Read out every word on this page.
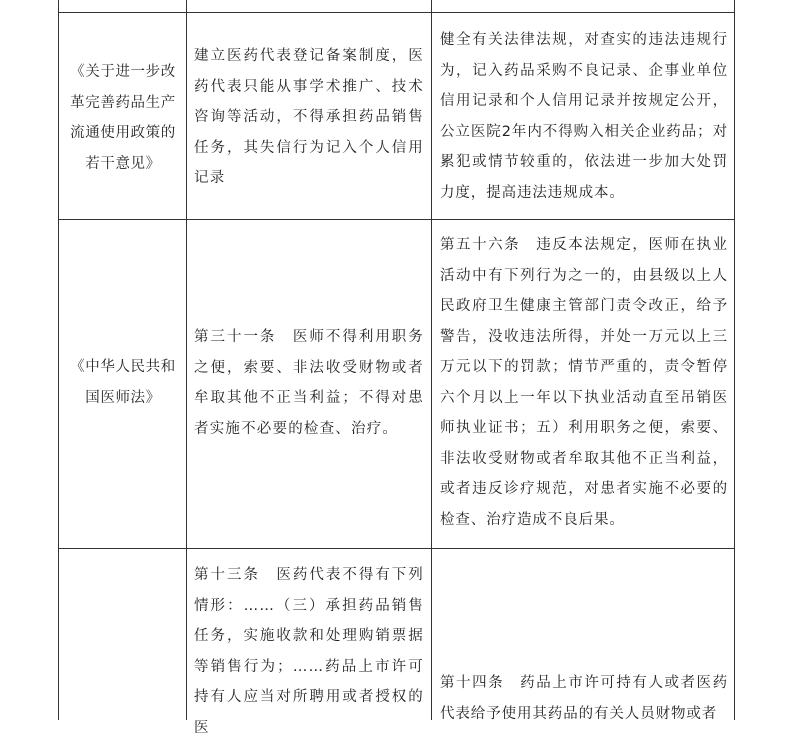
《关于进一步改革完善药品生产流通使用政策的若干意见》

建立医药代表登记备案制度，医药代表只能从事学术推广、技术咨询等活动，不得承担药品销售任务，其失信行为记入个人信用记录

健全有关法律法规，对查实的违法违规行为，记入药品采购不良记录、企事业单位信用记录和个人信用记录并按规定公开，公立医院2年内不得购入相关企业药品；对累犯或情节较重的，依法进一步加大处罚力度，提高违法违规成本。

《中华人民共和国医师法》

第三十一条　医师不得利用职务之便，索要、非法收受财物或者牟取其他不正当利益；不得对患者实施不必要的检查、治疗。

第五十六条　违反本法规定，医师在执业活动中有下列行为之一的，由县级以上人民政府卫生健康主管部门责令改正，给予警告，没收违法所得，并处一万元以上三万元以下的罚款；情节严重的，责令暂停六个月以上一年以下执业活动直至吊销医师执业证书；五）利用职务之便，索要、非法收受财物或者牟取其他不正当利益，或者违反诊疗规范，对患者实施不必要的检查、治疗造成不良后果。

第十三条　医药代表不得有下列情形：……（三）承担药品销售任务，实施收款和处理购销票据等销售行为；……药品上市许可持有人应当对所聘用或者授权的医

第十四条　药品上市许可持有人或者医药代表给予使用其药品的有关人员财物或者
